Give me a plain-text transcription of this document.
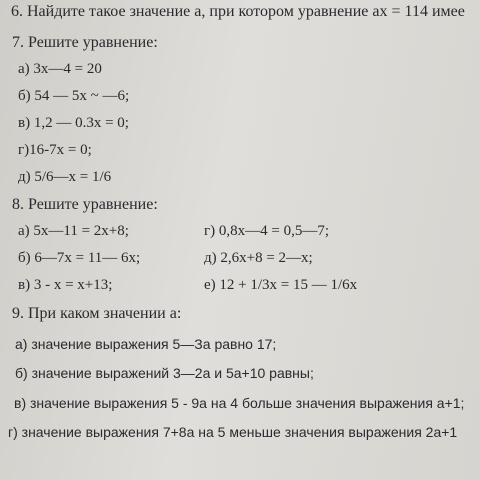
6. Найдите такое значение а, при котором уравнение ах = 114 имее
7. Решите уравнение:
а) 3х—4 = 20
б) 54 — 5х ~ —6;
в) 1,2 — 0.3х = 0;
г)16-7х = 0;
д) 5/6—х = 1/6
8. Решите уравнение:
а) 5х—11 = 2х+8;
б) 6—7х = 11— 6х;
в) 3 - х = х+13;
г) 0,8х—4 = 0,5—7;
д) 2,6х+8 = 2—х;
е) 12 + 1/3х = 15 — 1/6х
9. При каком значении а:
а) значение выражения 5—За равно 17;
б) значение выражений 3—2а и 5а+10 равны;
в) значение выражения 5 - 9а на 4 больше значения выражения а+1;
г) значение выражения 7+8а на 5 меньше значения выражения 2а+1
